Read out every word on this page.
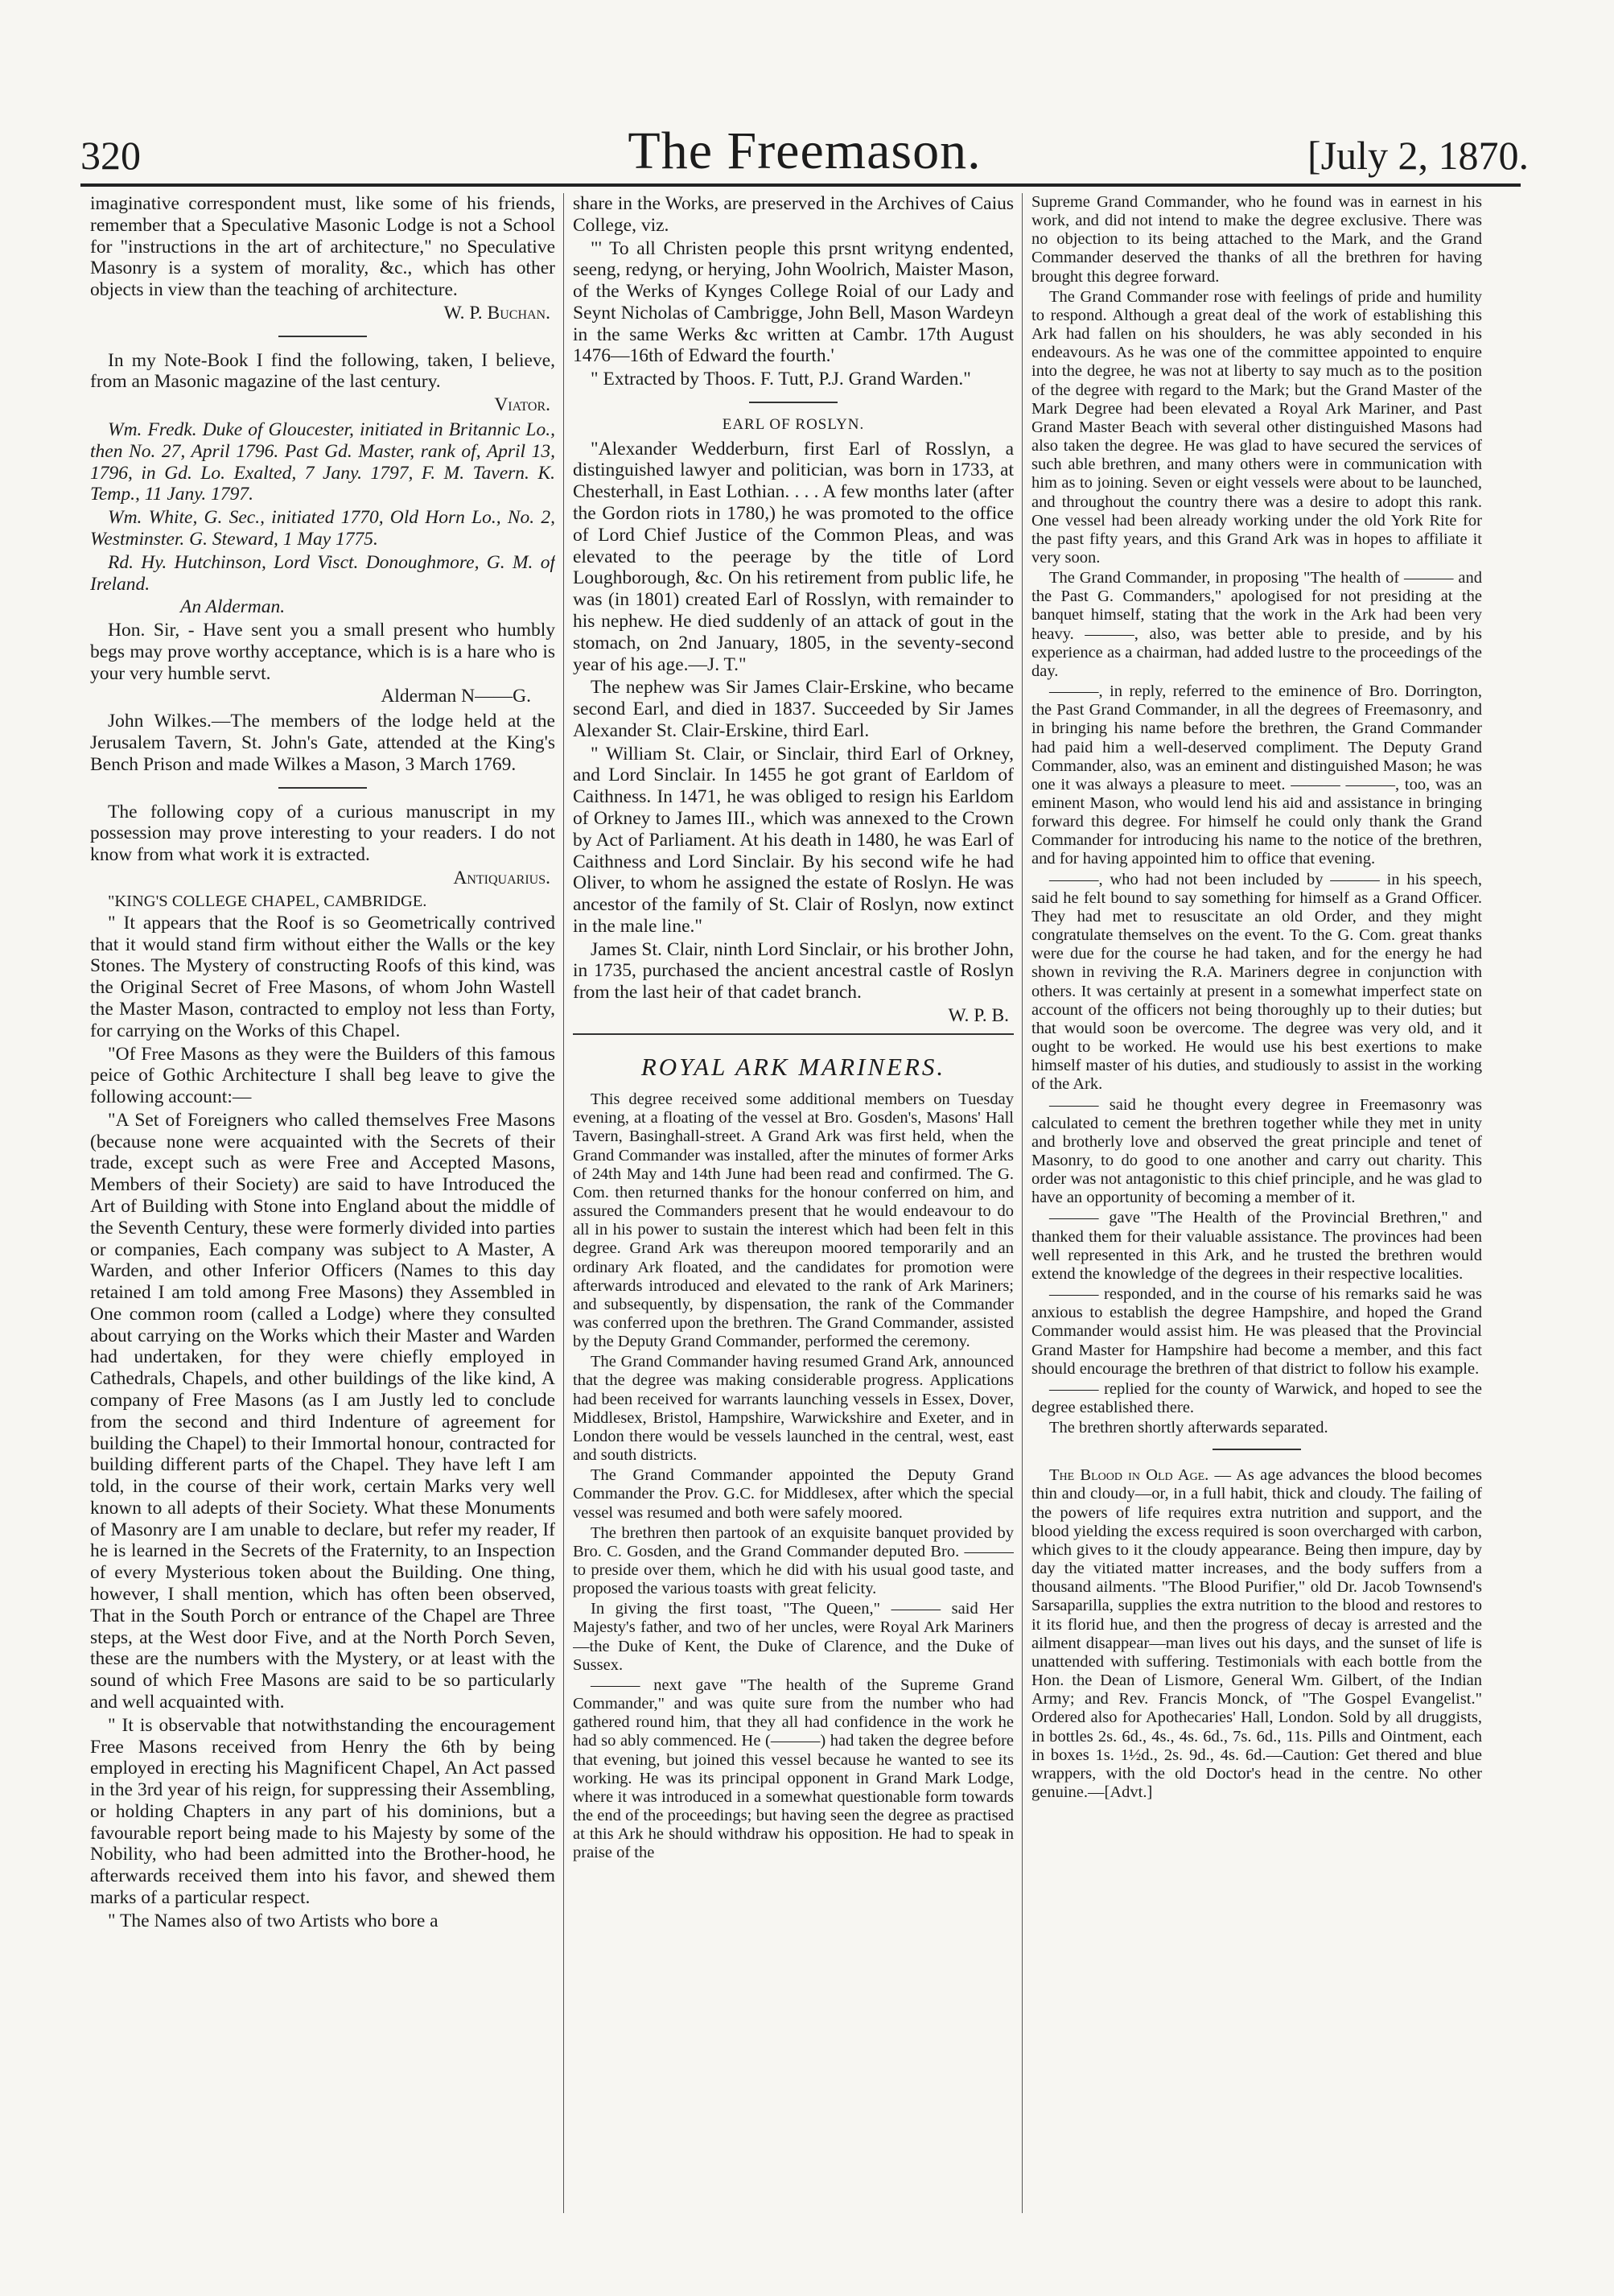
320	The Freemason.	[July 2, 1870.

imaginative correspondent must, like some of his friends, remember that a Speculative Masonic Lodge is not a School for "instructions in the art of architecture," no Speculative Masonry is a system of morality, &c., which has other objects in view than the teaching of architecture.

W. P. Buchan.

In my Note-Book I find the following, taken, I believe, from an Masonic magazine of the last century.

Viator.

Wm. Fredk. Duke of Gloucester, initiated in Britannic Lo., then No. 27, April 1796. Past Gd. Master, rank of, April 13, 1796, in Gd. Lo. Exalted, 7 Jany. 1797, F. M. Tavern. K. Temp., 11 Jany. 1797.

Wm. White, G. Sec., initiated 1770, Old Horn Lo., No. 2, Westminster. G. Steward, 1 May 1775.

Rd. Hy. Hutchinson, Lord Visct. Donoughmore, G. M. of Ireland.

An Alderman.

Hon. Sir, - Have sent you a small present who humbly begs may prove worthy acceptance, which is is a hare who is your very humble servt.

Alderman N——G.

John Wilkes.—The members of the lodge held at the Jerusalem Tavern, St. John's Gate, attended at the King's Bench Prison and made Wilkes a Mason, 3 March 1769.

The following copy of a curious manuscript in my possession may prove interesting to your readers. I do not know from what work it is extracted.

Antiquarius.

"KING'S COLLEGE CHAPEL, CAMBRIDGE.

" It appears that the Roof is so Geometrically contrived that it would stand firm without either the Walls or the key Stones. The Mystery of constructing Roofs of this kind, was the Original Secret of Free Masons, of whom John Wastell the Master Mason, contracted to employ not less than Forty, for carrying on the Works of this Chapel.

"Of Free Masons as they were the Builders of this famous peice of Gothic Architecture I shall beg leave to give the following account:—

"A Set of Foreigners who called themselves Free Masons (because none were acquainted with the Secrets of their trade, except such as were Free and Accepted Masons, Members of their Society) are said to have Introduced the Art of Building with Stone into England about the middle of the Seventh Century, these were formerly divided into parties or companies, Each company was subject to A Master, A Warden, and other Inferior Officers (Names to this day retained I am told among Free Masons) they Assembled in One common room (called a Lodge) where they consulted about carrying on the Works which their Master and Warden had undertaken, for they were chiefly employed in Cathedrals, Chapels, and other buildings of the like kind, A company of Free Masons (as I am Justly led to conclude from the second and third Indenture of agreement for building the Chapel) to their Immortal honour, contracted for building different parts of the Chapel. They have left I am told, in the course of their work, certain Marks very well known to all adepts of their Society. What these Monuments of Masonry are I am unable to declare, but refer my reader, If he is learned in the Secrets of the Fraternity, to an Inspection of every Mysterious token about the Building. One thing, however, I shall mention, which has often been observed, That in the South Porch or entrance of the Chapel are Three steps, at the West door Five, and at the North Porch Seven, these are the numbers with the Mystery, or at least with the sound of which Free Masons are said to be so particularly and well acquainted with.

" It is observable that notwithstanding the encouragement Free Masons received from Henry the 6th by being employed in erecting his Magnificent Chapel, An Act passed in the 3rd year of his reign, for suppressing their Assembling, or holding Chapters in any part of his dominions, but a favourable report being made to his Majesty by some of the Nobility, who had been admitted into the Brother-hood, he afterwards received them into his favor, and shewed them marks of a particular respect.

" The Names also of two Artists who bore a

share in the Works, are preserved in the Archives of Caius College, viz.

"' To all Christen people this prsnt writyng endented, seeng, redyng, or herying, John Woolrich, Maister Mason, of the Werks of Kynges College Roial of our Lady and Seynt Nicholas of Cambrigge, John Bell, Mason Wardeyn in the same Werks &c written at Cambr. 17th August 1476—16th of Edward the fourth.'

" Extracted by Thoos. F. Tutt, P.J. Grand Warden."

EARL OF ROSLYN.

"Alexander Wedderburn, first Earl of Rosslyn, a distinguished lawyer and politician, was born in 1733, at Chesterhall, in East Lothian. . . . A few months later (after the Gordon riots in 1780,) he was promoted to the office of Lord Chief Justice of the Common Pleas, and was elevated to the peerage by the title of Lord Loughborough, &c. On his retirement from public life, he was (in 1801) created Earl of Rosslyn, with remainder to his nephew. He died suddenly of an attack of gout in the stomach, on 2nd January, 1805, in the seventy-second year of his age.—J. T."

The nephew was Sir James Clair-Erskine, who became second Earl, and died in 1837. Succeeded by Sir James Alexander St. Clair-Erskine, third Earl.

" William St. Clair, or Sinclair, third Earl of Orkney, and Lord Sinclair. In 1455 he got grant of Earldom of Caithness. In 1471, he was obliged to resign his Earldom of Orkney to James III., which was annexed to the Crown by Act of Parliament. At his death in 1480, he was Earl of Caithness and Lord Sinclair. By his second wife he had Oliver, to whom he assigned the estate of Roslyn. He was ancestor of the family of St. Clair of Roslyn, now extinct in the male line."

James St. Clair, ninth Lord Sinclair, or his brother John, in 1735, purchased the ancient ancestral castle of Roslyn from the last heir of that cadet branch.

W. P. B.
ROYAL ARK MARINERS.

This degree received some additional members on Tuesday evening, at a floating of the vessel at Bro. Gosden's, Masons' Hall Tavern, Basinghall-street. A Grand Ark was first held, when the Grand Commander was installed, after the minutes of former Arks of 24th May and 14th June had been read and confirmed. The G. Com. then returned thanks for the honour conferred on him, and assured the Commanders present that he would endeavour to do all in his power to sustain the interest which had been felt in this degree. Grand Ark was thereupon moored temporarily and an ordinary Ark floated, and the candidates for promotion were afterwards introduced and elevated to the rank of Ark Mariners; and subsequently, by dispensation, the rank of the Commander was conferred upon the brethren. The Grand Commander, assisted by the Deputy Grand Commander, performed the ceremony.

The Grand Commander having resumed Grand Ark, announced that the degree was making considerable progress. Applications had been received for warrants launching vessels in Essex, Dover, Middlesex, Bristol, Hampshire, Warwickshire and Exeter, and in London there would be vessels launched in the central, west, east and south districts.

The Grand Commander appointed the Deputy Grand Commander the Prov. G.C. for Middlesex, after which the special vessel was resumed and both were safely moored.

The brethren then partook of an exquisite banquet provided by Bro. C. Gosden, and the Grand Commander deputed Bro. ——— to preside over them, which he did with his usual good taste, and proposed the various toasts with great felicity.

In giving the first toast, "The Queen," ——— said Her Majesty's father, and two of her uncles, were Royal Ark Mariners—the Duke of Kent, the Duke of Clarence, and the Duke of Sussex.

——— next gave "The health of the Supreme Grand Commander," and was quite sure from the number who had gathered round him, that they all had confidence in the work he had so ably commenced. He (———) had taken the degree before that evening, but joined this vessel because he wanted to see its working. He was its principal opponent in Grand Mark Lodge, where it was introduced in a somewhat questionable form towards the end of the proceedings; but having seen the degree as practised at this Ark he should withdraw his opposition. He had to speak in praise of the

Supreme Grand Commander, who he found was in earnest in his work, and did not intend to make the degree exclusive. There was no objection to its being attached to the Mark, and the Grand Commander deserved the thanks of all the brethren for having brought this degree forward.

The Grand Commander rose with feelings of pride and humility to respond. Although a great deal of the work of establishing this Ark had fallen on his shoulders, he was ably seconded in his endeavours. As he was one of the committee appointed to enquire into the degree, he was not at liberty to say much as to the position of the degree with regard to the Mark; but the Grand Master of the Mark Degree had been elevated a Royal Ark Mariner, and Past Grand Master Beach with several other distinguished Masons had also taken the degree. He was glad to have secured the services of such able brethren, and many others were in communication with him as to joining. Seven or eight vessels were about to be launched, and throughout the country there was a desire to adopt this rank. One vessel had been already working under the old York Rite for the past fifty years, and this Grand Ark was in hopes to affiliate it very soon.

The Grand Commander, in proposing "The health of ——— and the Past G. Commanders," apologised for not presiding at the banquet himself, stating that the work in the Ark had been very heavy. ———, also, was better able to preside, and by his experience as a chairman, had added lustre to the proceedings of the day.

———, in reply, referred to the eminence of Bro. Dorrington, the Past Grand Commander, in all the degrees of Freemasonry, and in bringing his name before the brethren, the Grand Commander had paid him a well-deserved compliment. The Deputy Grand Commander, also, was an eminent and distinguished Mason; he was one it was always a pleasure to meet. ——— ———, too, was an eminent Mason, who would lend his aid and assistance in bringing forward this degree. For himself he could only thank the Grand Commander for introducing his name to the notice of the brethren, and for having appointed him to office that evening.

———, who had not been included by ——— in his speech, said he felt bound to say something for himself as a Grand Officer. They had met to resuscitate an old Order, and they might congratulate themselves on the event. To the G. Com. great thanks were due for the course he had taken, and for the energy he had shown in reviving the R.A. Mariners degree in conjunction with others. It was certainly at present in a somewhat imperfect state on account of the officers not being thoroughly up to their duties; but that would soon be overcome. The degree was very old, and it ought to be worked. He would use his best exertions to make himself master of his duties, and studiously to assist in the working of the Ark.

——— said he thought every degree in Freemasonry was calculated to cement the brethren together while they met in unity and brotherly love and observed the great principle and tenet of Masonry, to do good to one another and carry out charity. This order was not antagonistic to this chief principle, and he was glad to have an opportunity of becoming a member of it.

——— gave "The Health of the Provincial Brethren," and thanked them for their valuable assistance. The provinces had been well represented in this Ark, and he trusted the brethren would extend the knowledge of the degrees in their respective localities.

——— responded, and in the course of his remarks said he was anxious to establish the degree Hampshire, and hoped the Grand Commander would assist him. He was pleased that the Provincial Grand Master for Hampshire had become a member, and this fact should encourage the brethren of that district to follow his example.

——— replied for the county of Warwick, and hoped to see the degree established there.

The brethren shortly afterwards separated.

The Blood in Old Age. — As age advances the blood becomes thin and cloudy—or, in a full habit, thick and cloudy. The failing of the powers of life requires extra nutrition and support, and the blood yielding the excess required is soon overcharged with carbon, which gives to it the cloudy appearance. Being then impure, day by day the vitiated matter increases, and the body suffers from a thousand ailments. "The Blood Purifier," old Dr. Jacob Townsend's Sarsaparilla, supplies the extra nutrition to the blood and restores to it its florid hue, and then the progress of decay is arrested and the ailment disappear—man lives out his days, and the sunset of life is unattended with suffering. Testimonials with each bottle from the Hon. the Dean of Lismore, General Wm. Gilbert, of the Indian Army; and Rev. Francis Monck, of "The Gospel Evangelist." Ordered also for Apothecaries' Hall, London. Sold by all druggists, in bottles 2s. 6d., 4s., 4s. 6d., 7s. 6d., 11s. Pills and Ointment, each in boxes 1s. 1½d., 2s. 9d., 4s. 6d.—Caution: Get thered and blue wrappers, with the old Doctor's head in the centre. No other genuine.—[Advt.]
